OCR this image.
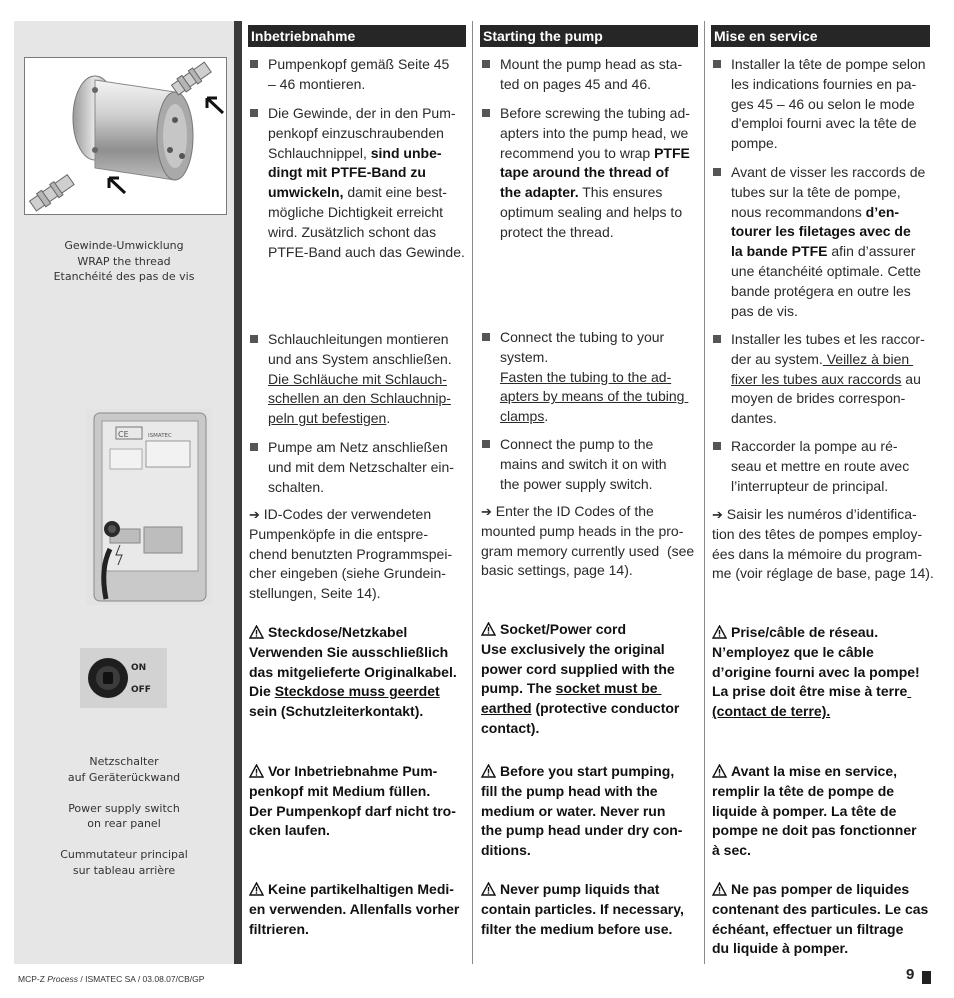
Gewinde-Umwicklung
WRAP the thread
Etanchéité des pas de vis
CE	ISMATEC
ON
OFF
Netzschalter
auf Geräterückwand
Power supply switch
on rear panel
Cummutateur principal
sur tableau arrière
Inbetriebnahme	Starting the pump	Mise en service

Pumpenkopf gemäß Seite 45

– 46 montieren.

Die Gewinde, der in den Pum-

penkopf einzuschraubenden

Schlauchnippel, sind unbe-

dingt mit PTFE-Band zu

umwickeln, damit eine best-

mögliche Dichtigkeit erreicht

wird. Zusätzlich schont das

PTFE-Band auch das Gewinde.

Schlauchleitungen montieren

und ans System anschließen.

Die Schläuche mit Schlauch-

schellen an den Schlauchnip-

peln gut befestigen.

Pumpe am Netz anschließen

und mit dem Netzschalter ein-

schalten.

➔ ID-Codes der verwendeten

Pumpenköpfe in die entspre-

chend benutzten Programmspei-

cher eingeben (siehe Grundein-

stellungen, Seite 14).

Steckdose/Netzkabel

Verwenden Sie ausschließlich

das mitgelieferte Originalkabel.

Die Steckdose muss geerdet

sein (Schutzleiterkontakt).

Vor Inbetriebnahme Pum-

penkopf mit Medium füllen.

Der Pumpenkopf darf nicht tro-

cken laufen.

Keine partikelhaltigen Medi-

en verwenden. Allenfalls vorher

filtrieren.

Mount the pump head as sta-

ted on pages 45 and 46.

Before screwing the tubing ad-

apters into the pump head, we

recommend you to wrap PTFE

tape around the thread of

the adapter. This ensures

optimum sealing and helps to

protect the thread.

Connect the tubing to your

system.

Fasten the tubing to the ad-

apters by means of the tubing

clamps.

Connect the pump to the

mains and switch it on with

the power supply switch.

➔ Enter the ID Codes of the

mounted pump heads in the pro-

gram memory currently used  (see

basic settings, page 14).

Socket/Power cord

Use exclusively the original

power cord supplied with the

pump. The socket must be

earthed (protective conductor

contact).

Before you start pumping,

fill the pump head with the

medium or water. Never run

the pump head under dry con-

ditions.

Never pump liquids that

contain particles. If necessary,

filter the medium before use.

Installer la tête de pompe selon

les indications fournies en pa-

ges 45 – 46 ou selon le mode

d'emploi fourni avec la tête de

pompe.

Avant de visser les raccords de

tubes sur la tête de pompe,

nous recommandons d’en-

tourer les filetages avec de

la bande PTFE afin d’assurer

une étanchéité optimale. Cette

bande protégera en outre les

pas de vis.

Installer les tubes et les raccor-

der au system. Veillez à bien

fixer les tubes aux raccords au

moyen de brides correspon-

dantes.

Raccorder la pompe au ré-

seau et mettre en route avec

l’interrupteur de principal.

➔ Saisir les numéros d’identifica-

tion des têtes de pompes employ-

ées dans la mémoire du program-

me (voir réglage de base, page 14).

Prise/câble de réseau.

N’employez que le câble

d’origine fourni avec la pompe!

La prise doit être mise à terre

(contact de terre).

Avant la mise en service,

remplir la tête de pompe de

liquide à pomper. La tête de

pompe ne doit pas fonctionner

à sec.

Ne pas pomper de liquides

contenant des particules. Le cas

échéant, effectuer un filtrage

du liquide à pomper.

MCP-Z Process / ISMATEC SA / 03.08.07/CB/GP	9
